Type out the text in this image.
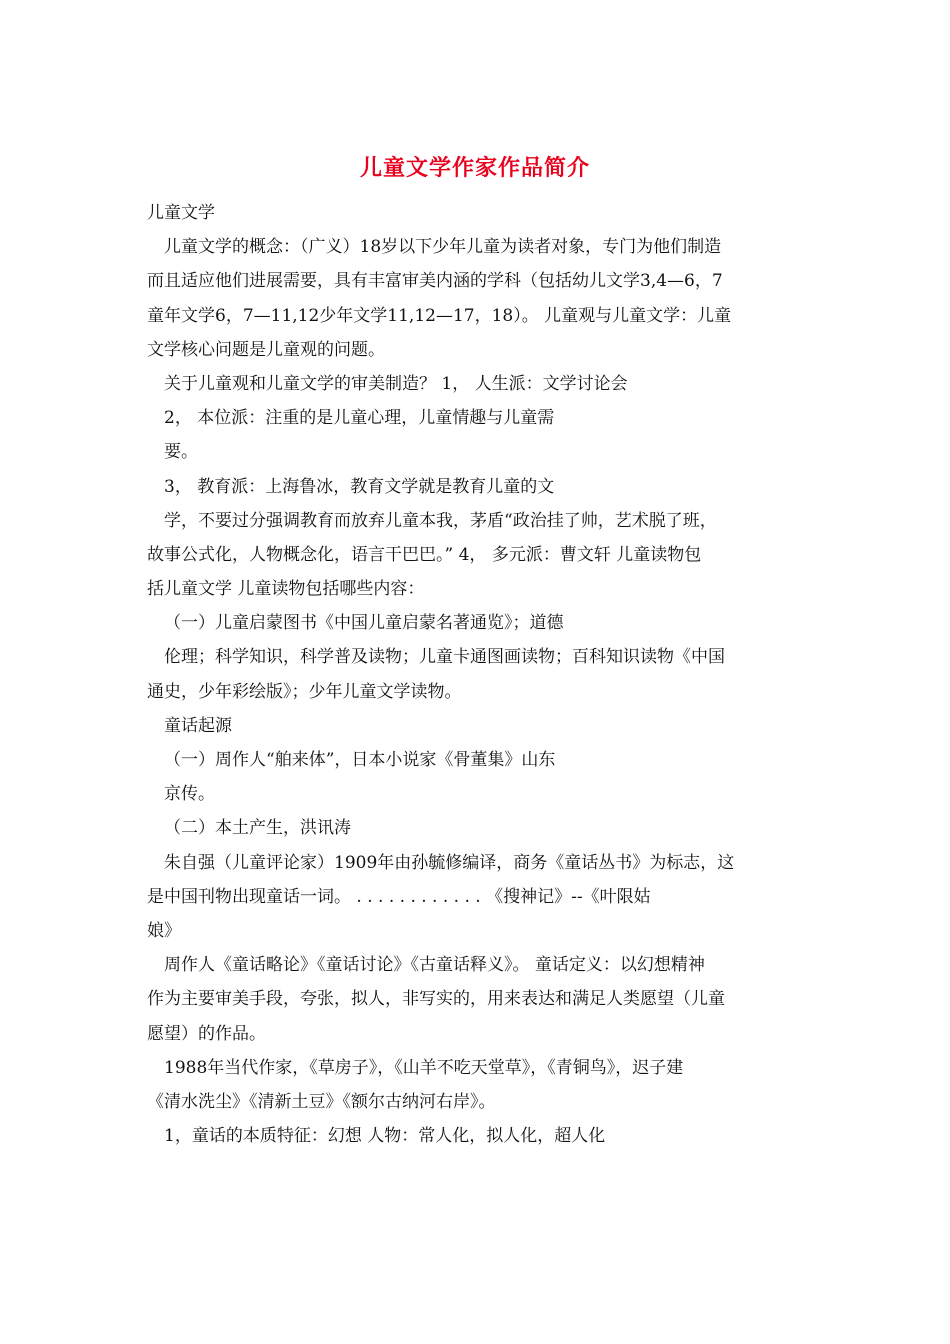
儿童文学作家作品简介
儿童文学
儿童文学的概念：（广义）18岁以下少年儿童为读者对象，专门为他们制造
而且适应他们进展需要，具有丰富审美内涵的学科（包括幼儿文学3,4—6，7
童年文学6，7—11,12少年文学11,12—17，18）。 儿童观与儿童文学：儿童
文学核心问题是儿童观的问题。
关于儿童观和儿童文学的审美制造？ 1， 人生派：文学讨论会
2， 本位派：注重的是儿童心理，儿童情趣与儿童需
要。
3， 教育派：上海鲁冰，教育文学就是教育儿童的文
学，不要过分强调教育而放弃儿童本我，茅盾“政治挂了帅，艺术脱了班，
故事公式化，人物概念化，语言干巴巴。” 4， 多元派：曹文轩 儿童读物包
括儿童文学 儿童读物包括哪些内容：
（一）儿童启蒙图书《中国儿童启蒙名著通览》；道德
伦理；科学知识，科学普及读物；儿童卡通图画读物；百科知识读物《中国
通史，少年彩绘版》；少年儿童文学读物。
童话起源
（一）周作人“舶来体”，日本小说家《骨董集》山东
京传。
（二）本土产生，洪讯涛
朱自强（儿童评论家）1909年由孙毓修编译，商务《童话丛书》为标志，这
是中国刊物出现童话一词。 . . . . . . . . . . . . 《搜神记》--《叶限姑
娘》
周作人《童话略论》《童话讨论》《古童话释义》。 童话定义：以幻想精神
作为主要审美手段，夸张，拟人，非写实的，用来表达和满足人类愿望（儿童
愿望）的作品。
1988年当代作家，《草房子》，《山羊不吃天堂草》，《青铜鸟》，迟子建
《清水洗尘》《清新土豆》《额尔古纳河右岸》。
1，童话的本质特征：幻想 人物：常人化，拟人化，超人化
